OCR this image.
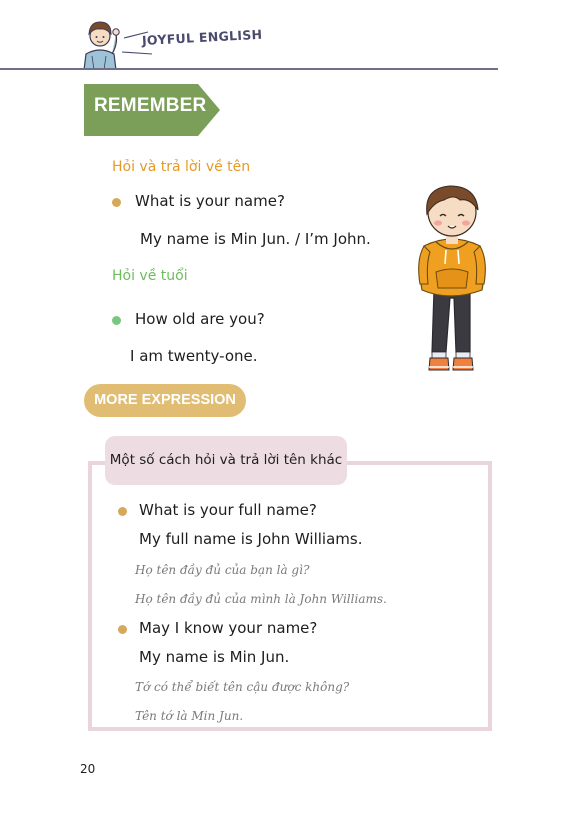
JOYFUL ENGLISH
REMEMBER
Hỏi và trả lời về tên
What is your name?
My name is Min Jun. / I’m John.
Hỏi về tuổi
How old are you?
I am twenty-one.
MORE EXPRESSION
Một số cách hỏi và trả lời tên khác
What is your full name?
My full name is John Williams.
Họ tên đầy đủ của bạn là gì?
Họ tên đầy đủ của mình là John Williams.
May I know your name?
My name is Min Jun.
Tớ có thể biết tên cậu được không?
Tên tớ là Min Jun.
20
